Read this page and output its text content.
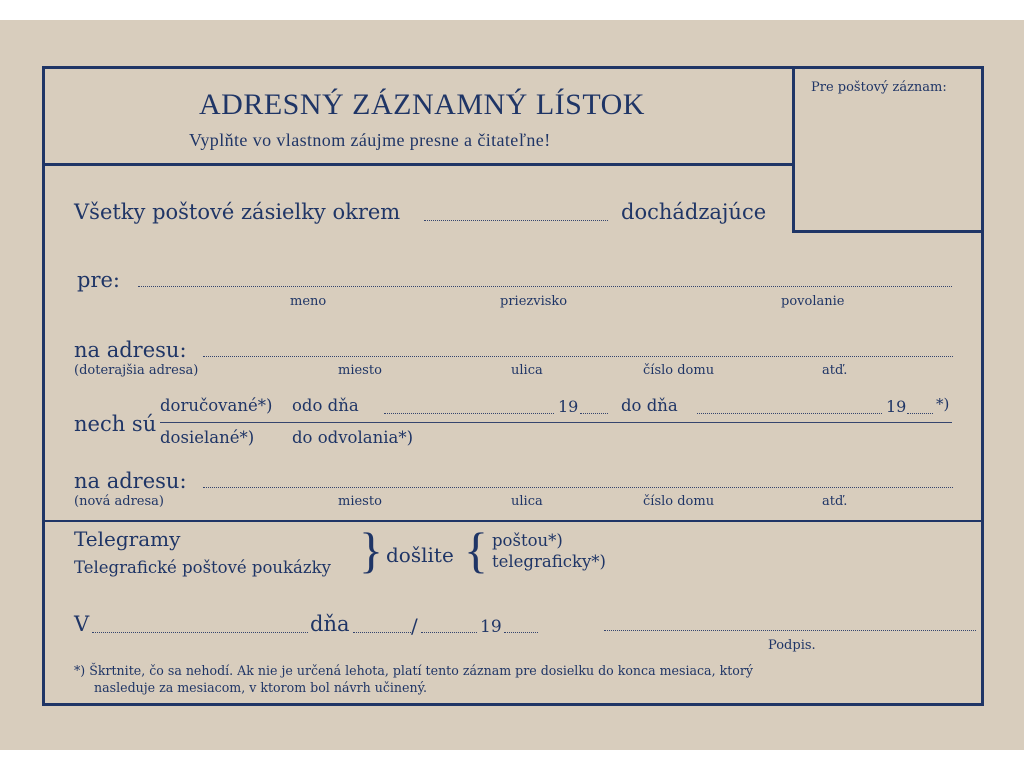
ADRESNÝ ZÁZNAMNÝ LÍSTOK
Vyplňte vo vlastnom záujme presne a čitateľne!
Pre poštový záznam:
Všetky poštové zásielky okrem	dochádzajúce
pre:
meno	priezvisko	povolanie
na adresu:
(doterajšia adresa)	miesto	ulica	číslo domu	atď.
nech sú
doručované*) odo dňa	19	do dňa	19 *)
dosielané*) do odvolania*)
na adresu:
(nová adresa)	miesto	ulica	číslo domu	atď.
Telegramy
Telegrafické poštové poukázky } došlite { poštou*)
telegraficky*)
V	dňa	/	19
Podpis.
*) Škrtnite, čo sa nehodí. Ak nie je určená lehota, platí tento záznam pre dosielku do konca mesiaca, ktorý
nasleduje za mesiacom, v ktorom bol návrh učinený.
